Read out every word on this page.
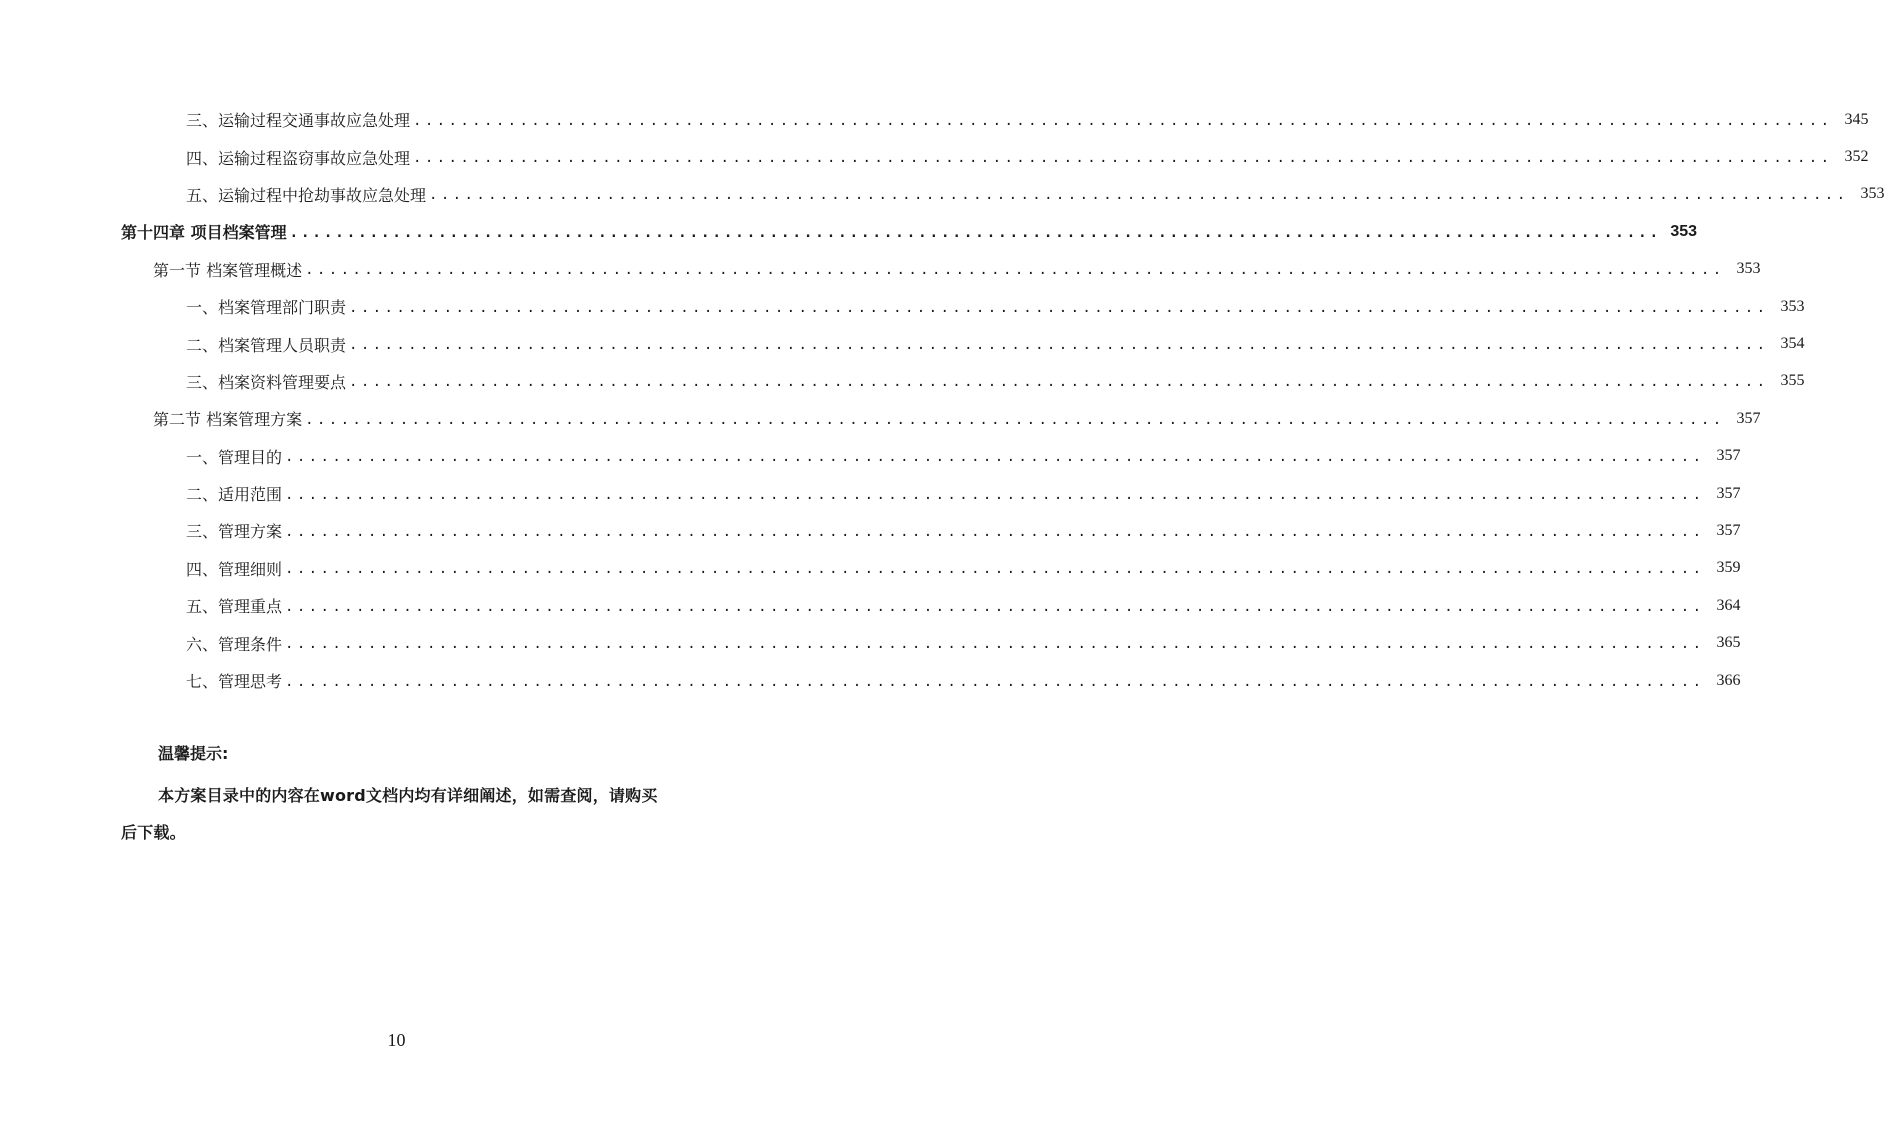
三、运输过程交通事故应急处理 ........................................................................................................................ 345
四、运输过程盗窃事故应急处理 ........................................................................................................................ 352
五、运输过程中抢劫事故应急处理 ........................................................................................................................ 353
第十四章 项目档案管理 ........................................................................................................................ 353
第一节 档案管理概述 ........................................................................................................................ 353
一、档案管理部门职责 ........................................................................................................................ 353
二、档案管理人员职责 ........................................................................................................................ 354
三、档案资料管理要点 ........................................................................................................................ 355
第二节 档案管理方案 ........................................................................................................................ 357
一、管理目的 ........................................................................................................................ 357
二、适用范围 ........................................................................................................................ 357
三、管理方案 ........................................................................................................................ 357
四、管理细则 ........................................................................................................................ 359
五、管理重点 ........................................................................................................................ 364
六、管理条件 ........................................................................................................................ 365
七、管理思考 ........................................................................................................................ 366
温馨提示:
本方案目录中的内容在word文档内均有详细阐述，如需查阅，请购买后下载。
10
